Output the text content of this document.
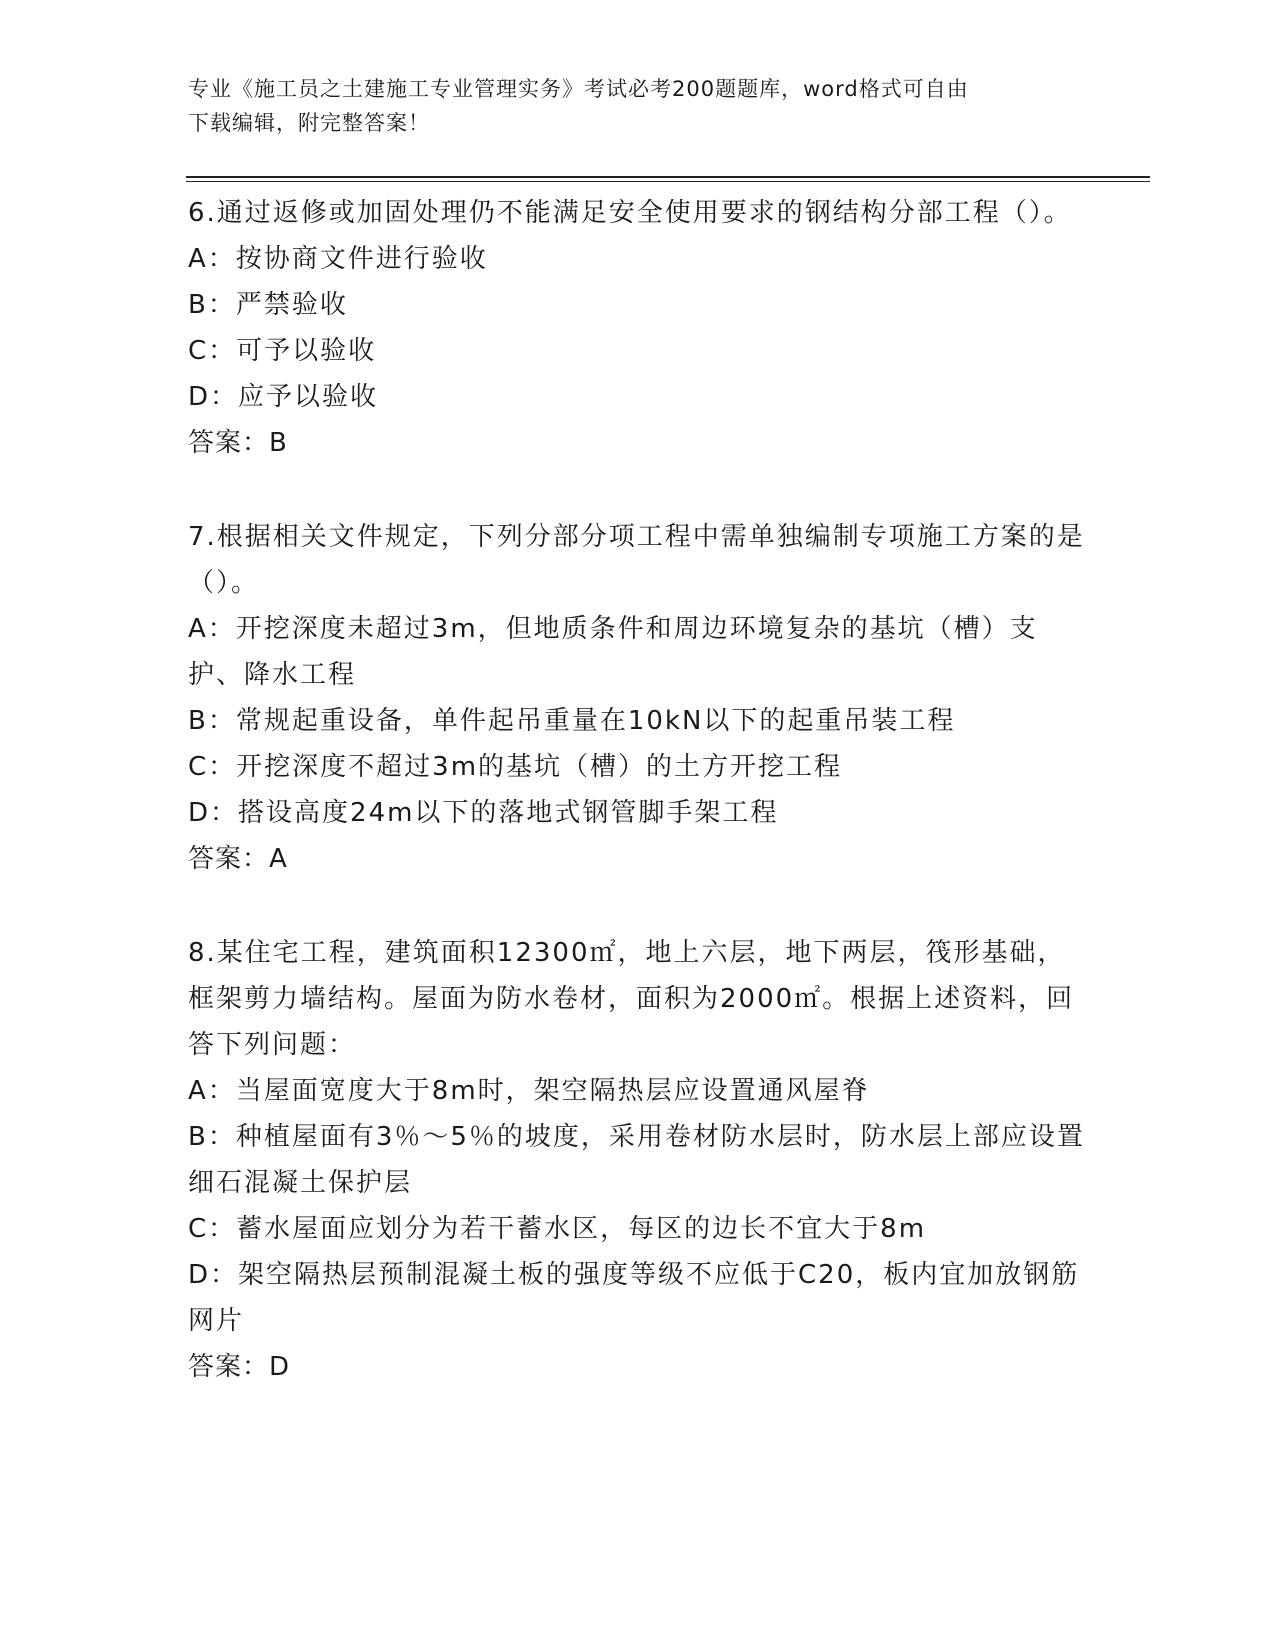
专业《施工员之土建施工专业管理实务》考试必考200题题库，word格式可自由
下载编辑，附完整答案！
6.通过返修或加固处理仍不能满足安全使用要求的钢结构分部工程（）。
A：按协商文件进行验收
B：严禁验收
C：可予以验收
D：应予以验收
答案：B
7.根据相关文件规定，下列分部分项工程中需单独编制专项施工方案的是（）。
A：开挖深度未超过3m，但地质条件和周边环境复杂的基坑（槽）支护、降水工程
B：常规起重设备，单件起吊重量在10kN以下的起重吊装工程
C：开挖深度不超过3m的基坑（槽）的土方开挖工程
D：搭设高度24m以下的落地式钢管脚手架工程
答案：A
8.某住宅工程，建筑面积12300㎡，地上六层，地下两层，筏形基础，框架剪力墙结构。屋面为防水卷材，面积为2000㎡。根据上述资料，回答下列问题：
A：当屋面宽度大于8m时，架空隔热层应设置通风屋脊
B：种植屋面有3％～5％的坡度，采用卷材防水层时，防水层上部应设置细石混凝土保护层
C：蓄水屋面应划分为若干蓄水区，每区的边长不宜大于8m
D：架空隔热层预制混凝土板的强度等级不应低于C20，板内宜加放钢筋网片
答案：D
